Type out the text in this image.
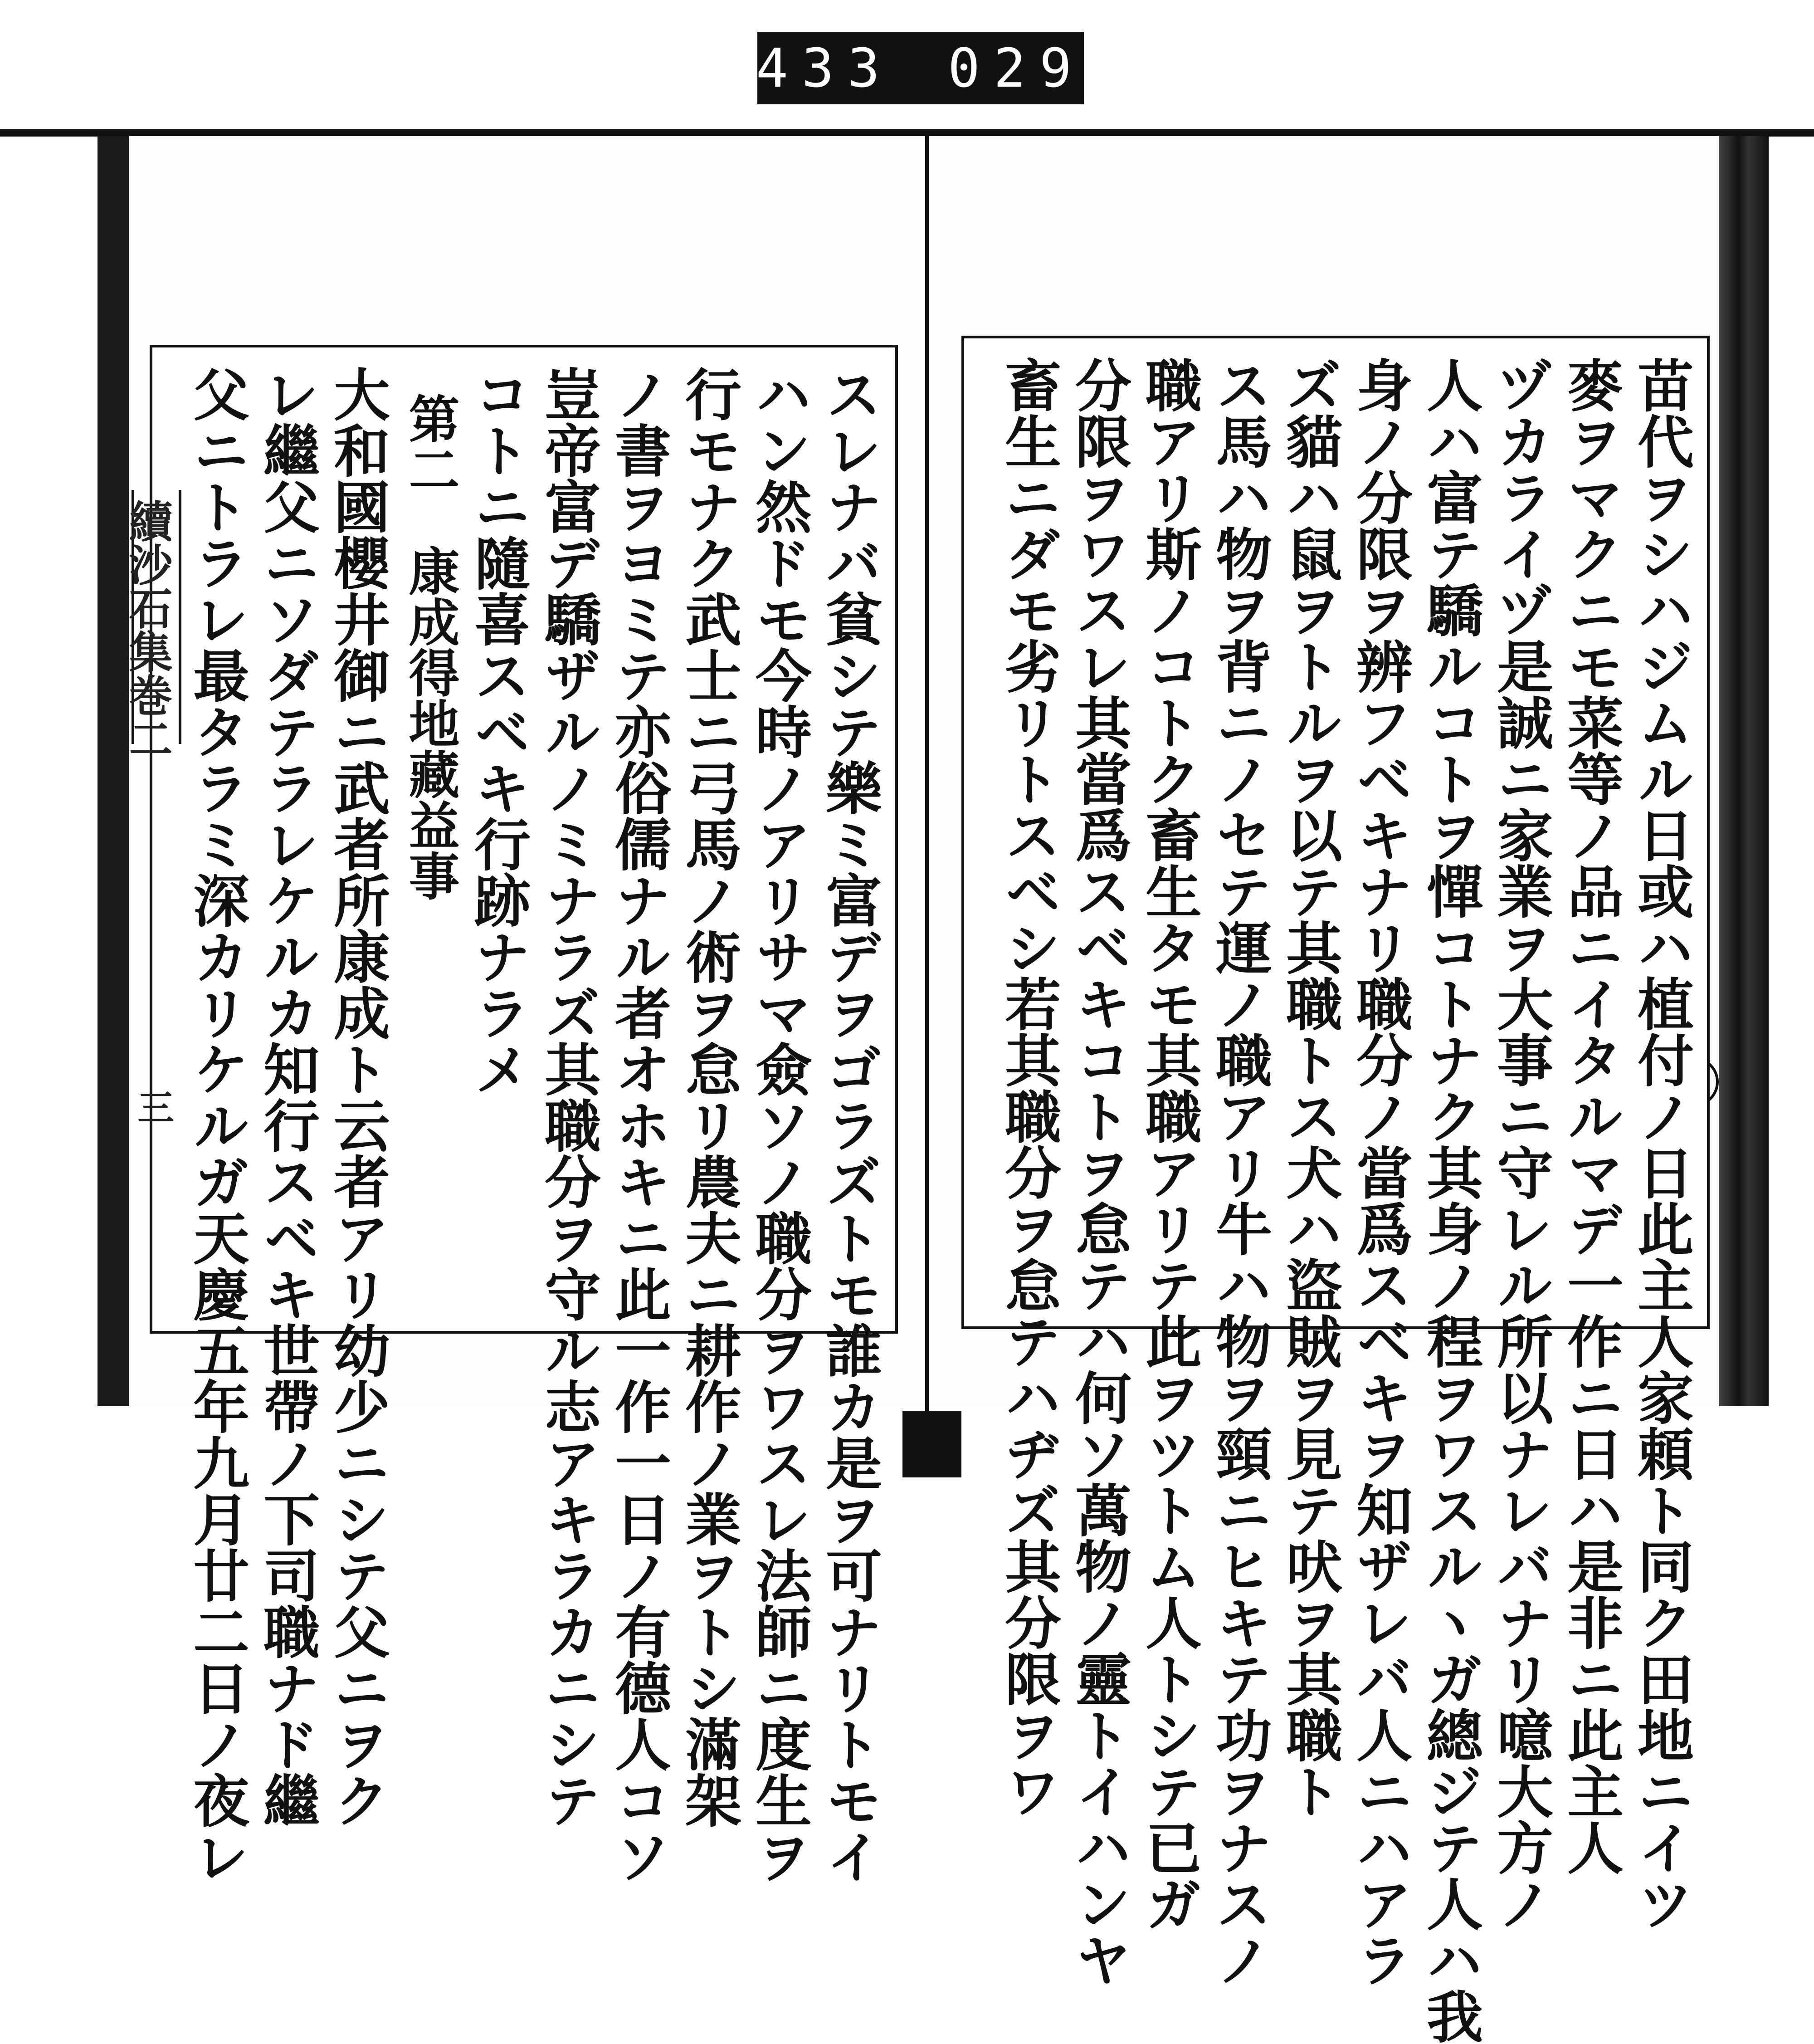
433 029
スレナバ貧シテ樂ミ富デヲゴラズトモ誰カ是ヲ可ナリトモイ
ハン然ドモ今時ノアリサマ僉ソノ職分ヲワスレ法師ニ度生ヲ
行モナク武士ニ弓馬ノ術ヲ怠リ農夫ニ耕作ノ業ヲトシ滿架
ノ書ヲヨミテ亦俗儒ナル者オホキニ此一作一日ノ有德人コソ
豈帝富デ驕ザルノミナラズ其職分ヲ守ル志アキラカニシテ
コトニ隨喜スベキ行跡ナラメ
第二　康成得地藏益事
大和國櫻井御ニ武者所康成ト云者アリ幼少ニシテ父ニヲク
レ繼父ニソダテラレケルカ知行スベキ世帶ノ下司職ナド繼
父ニトラレ最タラミ深カリケルガ天慶五年九月廿二日ノ夜レ
續沙石集巻二
三	苗代ヲシハジムル日或ハ植付ノ日此主人家頼ト同ク田地ニイツ
麥ヲマクニモ菜等ノ品ニイタルマデ一作ニ日ハ是非ニ此主人
ヅカライヅ是誠ニ家業ヲ大事ニ守レル所以ナレバナリ噫大方ノ
人ハ富テ驕ルコトヲ憚コトナク其身ノ程ヲワスルヽガ總ジテ人ハ我
身ノ分限ヲ辨フベキナリ職分ノ當爲スベキヲ知ザレバ人ニハアラ
ズ貓ハ鼠ヲトルヲ以テ其職トス犬ハ盜賊ヲ見テ吠ヲ其職ト
ス馬ハ物ヲ背ニノセテ運ノ職アリ牛ハ物ヲ頸ニヒキテ功ヲナスノ
職アリ斯ノコトク畜生タモ其職アリテ此ヲツトム人トシテ已ガ
分限ヲワスレ其當爲スベキコトヲ怠テハ何ソ萬物ノ靈トイハンヤ
畜生ニダモ劣リトスベシ若其職分ヲ怠テハヂズ其分限ヲワ
